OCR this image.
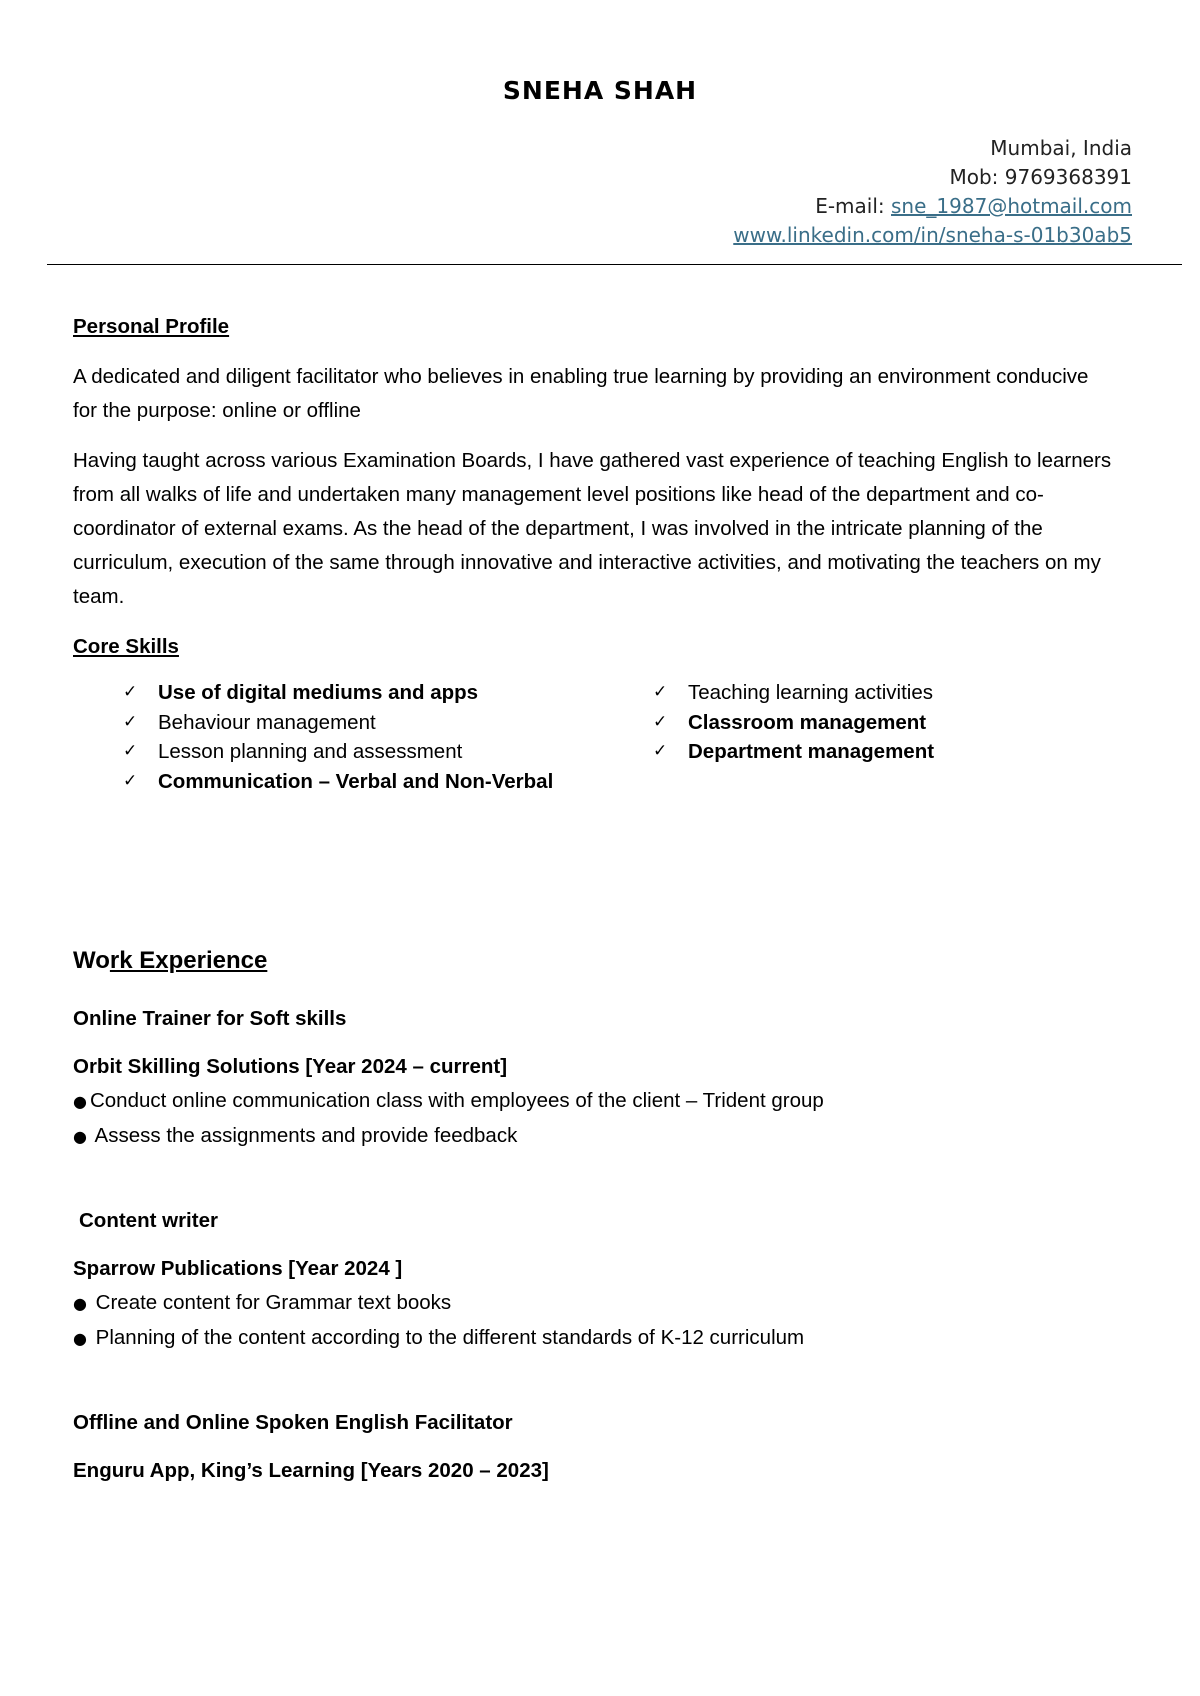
SNEHA SHAH
Mumbai, India
Mob: 9769368391
E-mail: sne_1987@hotmail.com
www.linkedin.com/in/sneha-s-01b30ab5

Personal Profile

A dedicated and diligent facilitator who believes in enabling true learning by providing an environment conducive for the purpose: online or offline

Having taught across various Examination Boards, I have gathered vast experience of teaching English to learners from all walks of life and undertaken many management level positions like head of the department and co-coordinator of external exams. As the head of the department, I was involved in the intricate planning of the curriculum, execution of the same through innovative and interactive activities, and motivating the teachers on my team.

Core Skills

✓	Use of digital mediums and apps
✓	Behaviour management
✓	Lesson planning and assessment
✓	Communication – Verbal and Non-Verbal
✓	Teaching learning activities
✓	Classroom management
✓	Department management

Work Experience

Online Trainer for Soft skills

Orbit Skilling Solutions [Year 2024 – current]

● Conduct online communication class with employees of the client – Trident group

● Assess the assignments and provide feedback

Content writer

Sparrow Publications [Year 2024 ]

● Create content for Grammar text books

● Planning of the content according to the different standards of K-12 curriculum

Offline and Online Spoken English Facilitator

Enguru App, King’s Learning [Years 2020 – 2023]
